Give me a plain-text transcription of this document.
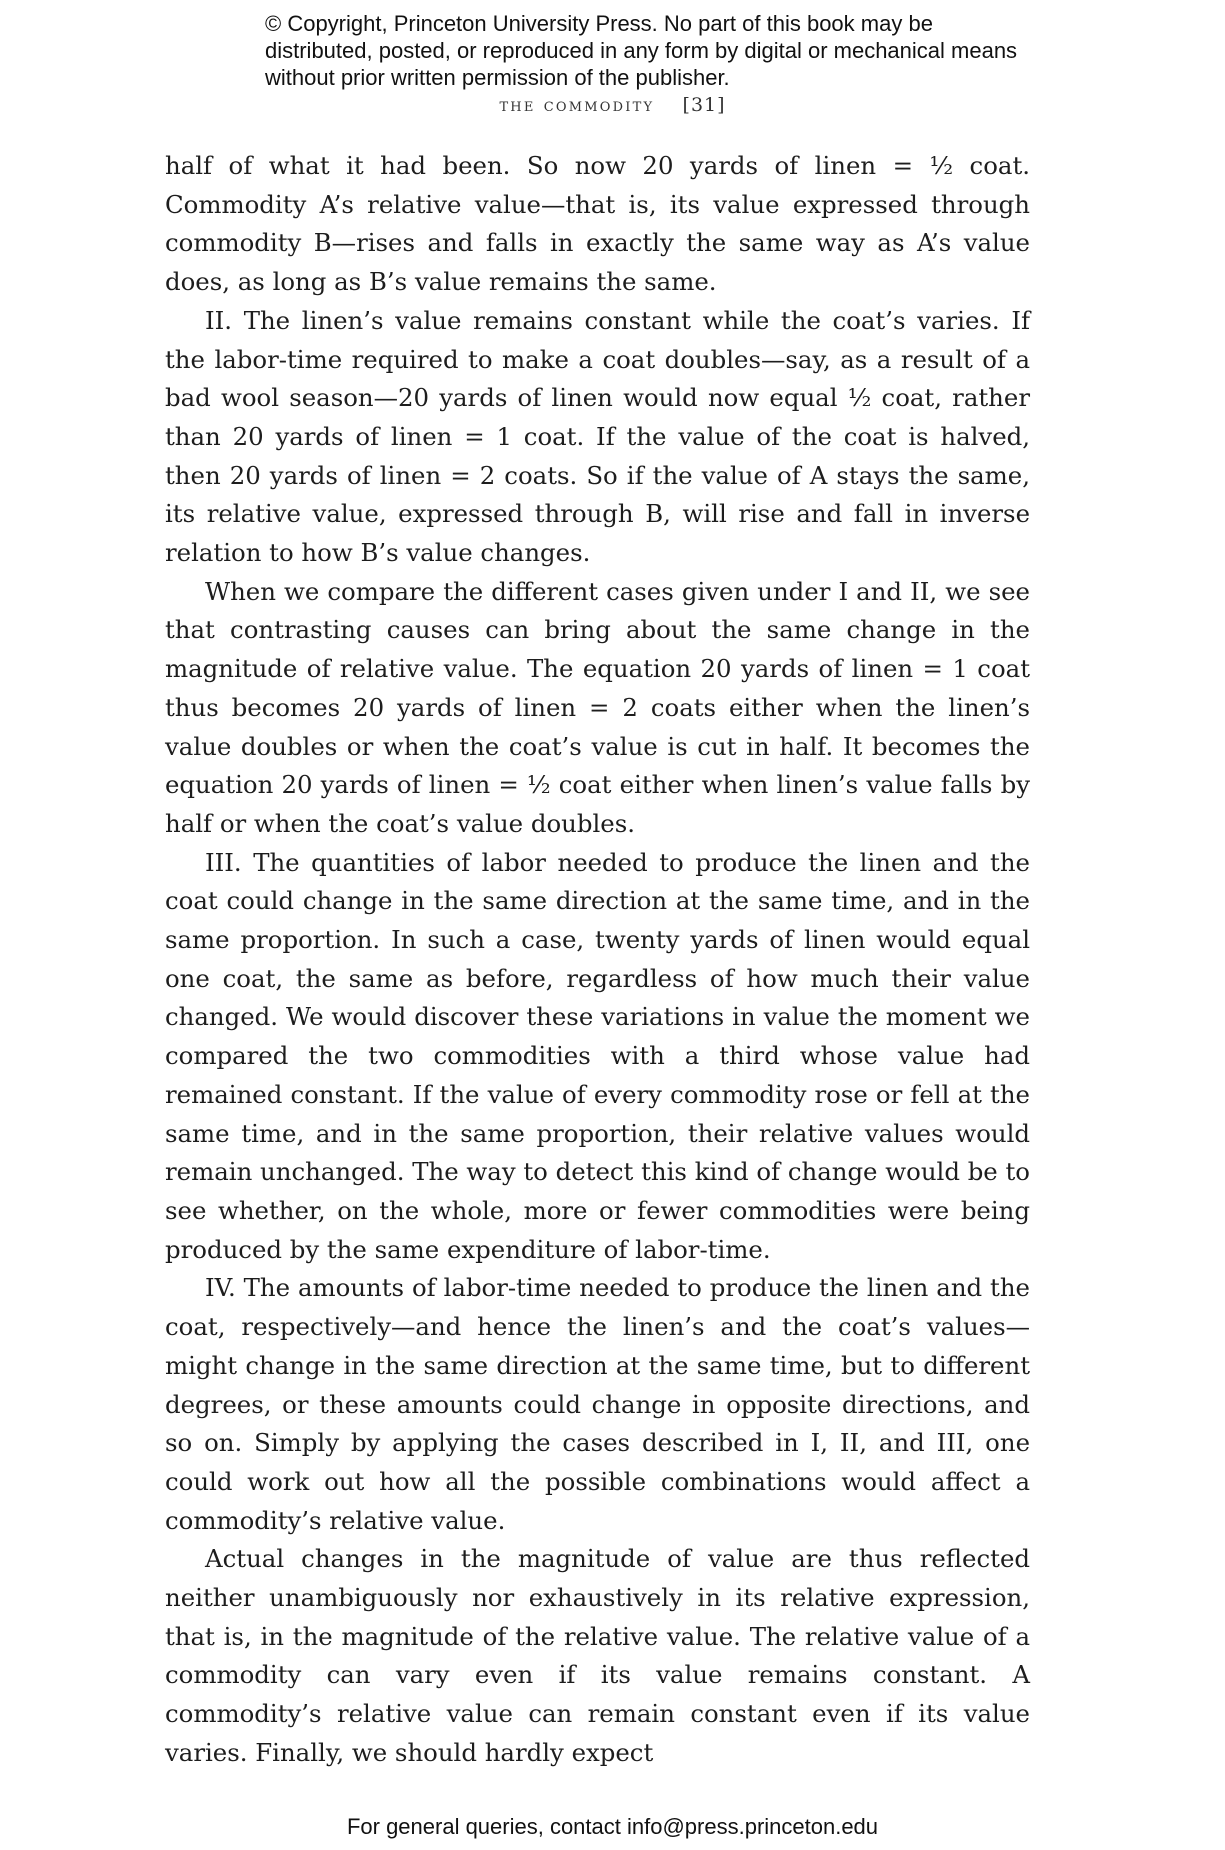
© Copyright, Princeton University Press. No part of this book may be distributed, posted, or reproduced in any form by digital or mechanical means without prior written permission of the publisher.
the commodity [31]

half of what it had been. So now 20 yards of linen = ½ coat. Commodity A’s relative value—that is, its value expressed through commodity B—rises and falls in exactly the same way as A’s value does, as long as B’s value remains the same.

II. The linen’s value remains constant while the coat’s varies. If the labor-time required to make a coat doubles—say, as a result of a bad wool season—20 yards of linen would now equal ½ coat, rather than 20 yards of linen = 1 coat. If the value of the coat is halved, then 20 yards of linen = 2 coats. So if the value of A stays the same, its relative value, expressed through B, will rise and fall in inverse relation to how B’s value changes.

When we compare the different cases given under I and II, we see that contrasting causes can bring about the same change in the magnitude of relative value. The equation 20 yards of linen = 1 coat thus becomes 20 yards of linen = 2 coats either when the linen’s value doubles or when the coat’s value is cut in half. It becomes the equation 20 yards of linen = ½ coat either when linen’s value falls by half or when the coat’s value doubles.

III. The quantities of labor needed to produce the linen and the coat could change in the same direction at the same time, and in the same proportion. In such a case, twenty yards of linen would equal one coat, the same as before, regardless of how much their value changed. We would discover these variations in value the moment we compared the two commodities with a third whose value had remained constant. If the value of every commodity rose or fell at the same time, and in the same proportion, their relative values would remain unchanged. The way to detect this kind of change would be to see whether, on the whole, more or fewer commodities were being produced by the same expenditure of labor-time.

IV. The amounts of labor-time needed to produce the linen and the coat, respectively—and hence the linen’s and the coat’s values—might change in the same direction at the same time, but to different degrees, or these amounts could change in opposite directions, and so on. Simply by applying the cases described in I, II, and III, one could work out how all the possible combinations would affect a commodity’s relative value.

Actual changes in the magnitude of value are thus reflected neither unambiguously nor exhaustively in its relative expression, that is, in the magnitude of the relative value. The relative value of a commodity can vary even if its value remains constant. A commodity’s relative value can remain constant even if its value varies. Finally, we should hardly expect

For general queries, contact info@press.princeton.edu
